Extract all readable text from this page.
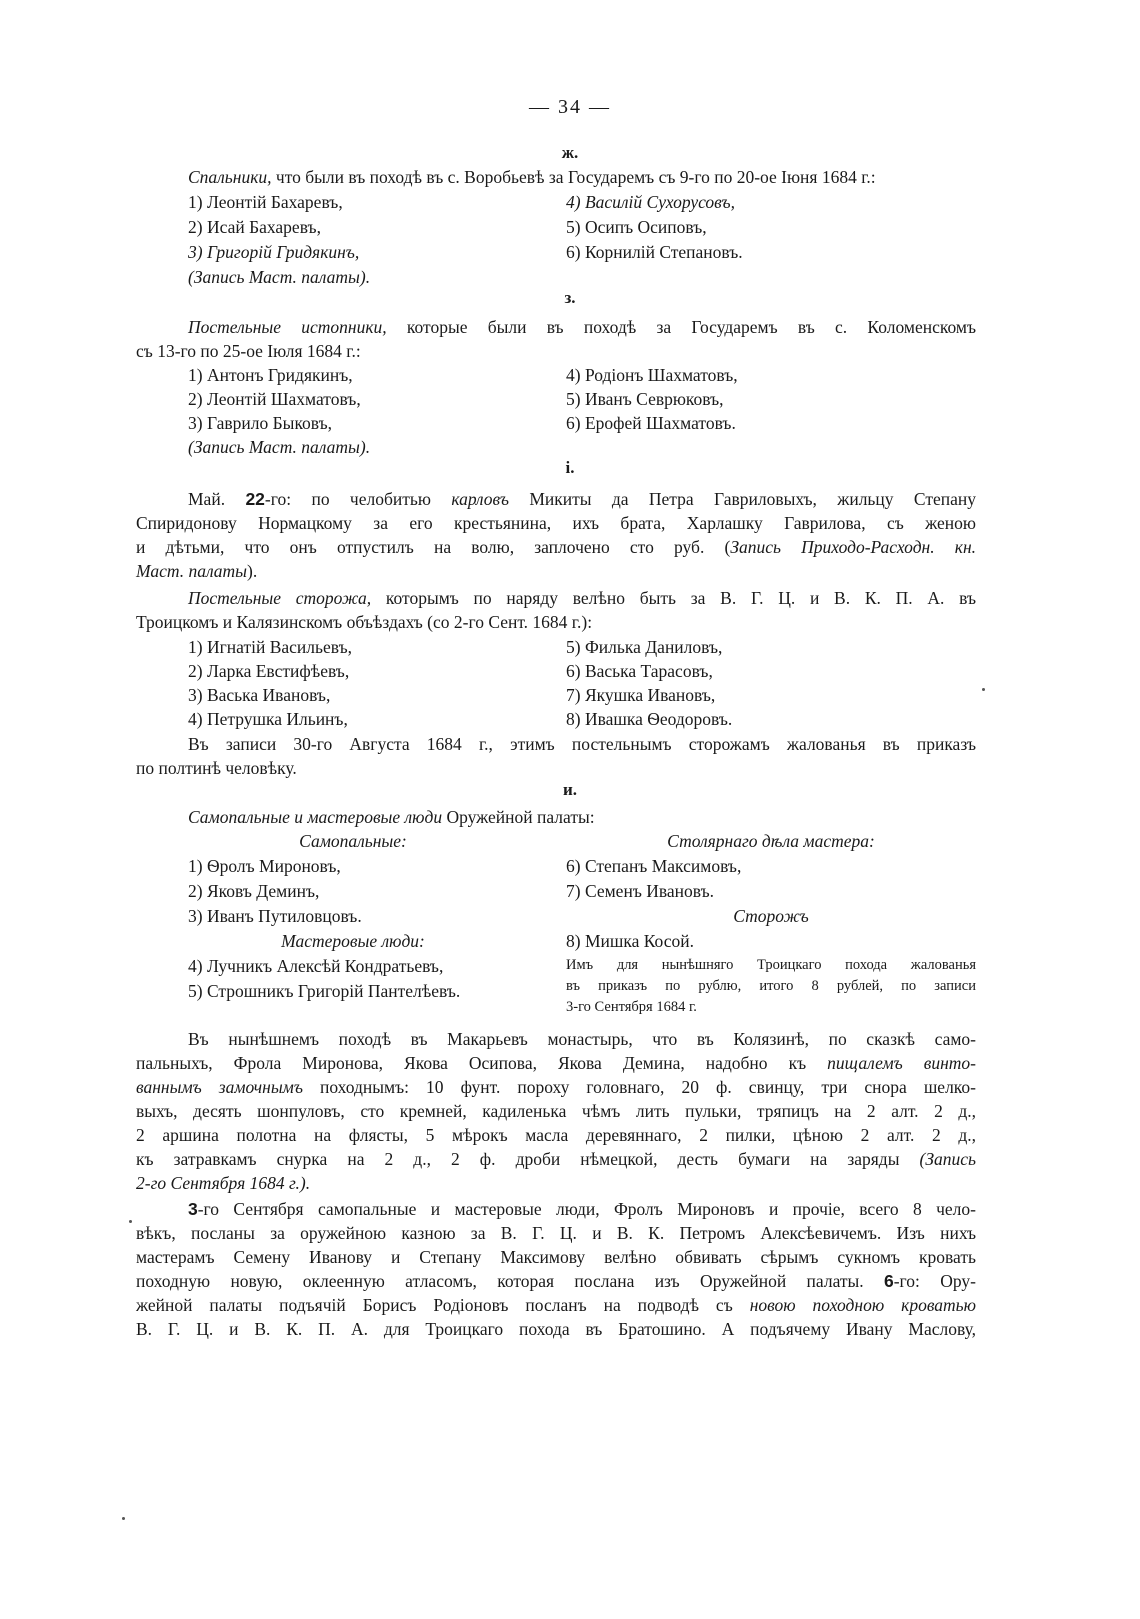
— 34 —
ж.
Спальники, что были въ походѣ въ с. Воробьевѣ за Государемъ съ 9-го по 20-ое Іюня 1684 г.:
1) Леонтій Бахаревъ,
2) Исай Бахаревъ,
3) Григорій Гридякинъ,
(Запись Маст. палаты).
4) Василій Сухорусовъ,
5) Осипъ Осиповъ,
6) Корнилій Степановъ.
з.
Постельные истопники, которые были въ походѣ за Государемъ въ с. Коломенскомъ
съ 13-го по 25-ое Іюля 1684 г.:
1) Антонъ Гридякинъ,
2) Леонтій Шахматовъ,
3) Гаврило Быковъ,
(Запись Маст. палаты).
4) Родіонъ Шахматовъ,
5) Иванъ Севрюковъ,
6) Ерофей Шахматовъ.
і.
Май. 22-го: по челобитью карловъ Микиты да Петра Гавриловыхъ, жильцу Степану
Спиридонову Нормацкому за его крестьянина, ихъ брата, Харлашку Гаврилова, съ женою
и дѣтьми, что онъ отпустилъ на волю, заплочено сто руб. (Запись Приходо-Расходн. кн.
Маст. палаты).
Постельные сторожа, которымъ по наряду велѣно быть за В. Г. Ц. и В. К. П. А. въ
Троицкомъ и Калязинскомъ объѣздахъ (со 2-го Сент. 1684 г.):
1) Игнатій Васильевъ,
2) Ларка Евстифѣевъ,
3) Васька Ивановъ,
4) Петрушка Ильинъ,
5) Филька Даниловъ,
6) Васька Тарасовъ,
7) Якушка Ивановъ,
8) Ивашка Ѳеодоровъ.
Въ записи 30-го Августа 1684 г., этимъ постельнымъ сторожамъ жалованья въ приказъ
по полтинѣ человѣку.
и.
Самопальные и мастеровые люди Оружейной палаты:
Самопальные:
1) Ѳролъ Мироновъ,
2) Яковъ Деминъ,
3) Иванъ Путиловцовъ.
Мастеровые люди:
4) Лучникъ Алексѣй Кондратьевъ,
5) Строшникъ Григорій Пантелѣевъ.
Столярнаго дѣла мастера:
6) Степанъ Максимовъ,
7) Семенъ Ивановъ.
Сторожъ
8) Мишка Косой.
Имъ для нынѣшняго Троицкаго похода жалованья
въ приказъ по рублю, итого 8 рублей, по записи
3-го Сентября 1684 г.
Въ нынѣшнемъ походѣ въ Макарьевъ монастырь, что въ Колязинѣ, по сказкѣ само-
пальныхъ, Фрола Миронова, Якова Осипова, Якова Демина, надобно къ пищалемъ винто-
ваннымъ замочнымъ походнымъ: 10 фунт. пороху головнаго, 20 ф. свинцу, три снора шелко-
выхъ, десять шонпуловъ, сто кремней, кадиленька чѣмъ лить пульки, тряпицъ на 2 алт. 2 д.,
2 аршина полотна на флясты, 5 мѣрокъ масла деревяннаго, 2 пилки, цѣною 2 алт. 2 д.,
къ затравкамъ снурка на 2 д., 2 ф. дроби нѣмецкой, десть бумаги на заряды (Запись
2-го Сентября 1684 г.).
3-го Сентября самопальные и мастеровые люди, Фролъ Мироновъ и прочіе, всего 8 чело-
вѣкъ, посланы за оружейною казною за В. Г. Ц. и В. К. Петромъ Алексѣевичемъ. Изъ нихъ
мастерамъ Семену Иванову и Степану Максимову велѣно обвивать сѣрымъ сукномъ кровать
походную новую, оклеенную атласомъ, которая послана изъ Оружейной палаты. 6-го: Ору-
жейной палаты подъячій Борисъ Родіоновъ посланъ на подводѣ съ новою походною кроватью
В. Г. Ц. и В. К. П. А. для Троицкаго похода въ Братошино. А подъячему Ивану Маслову,
